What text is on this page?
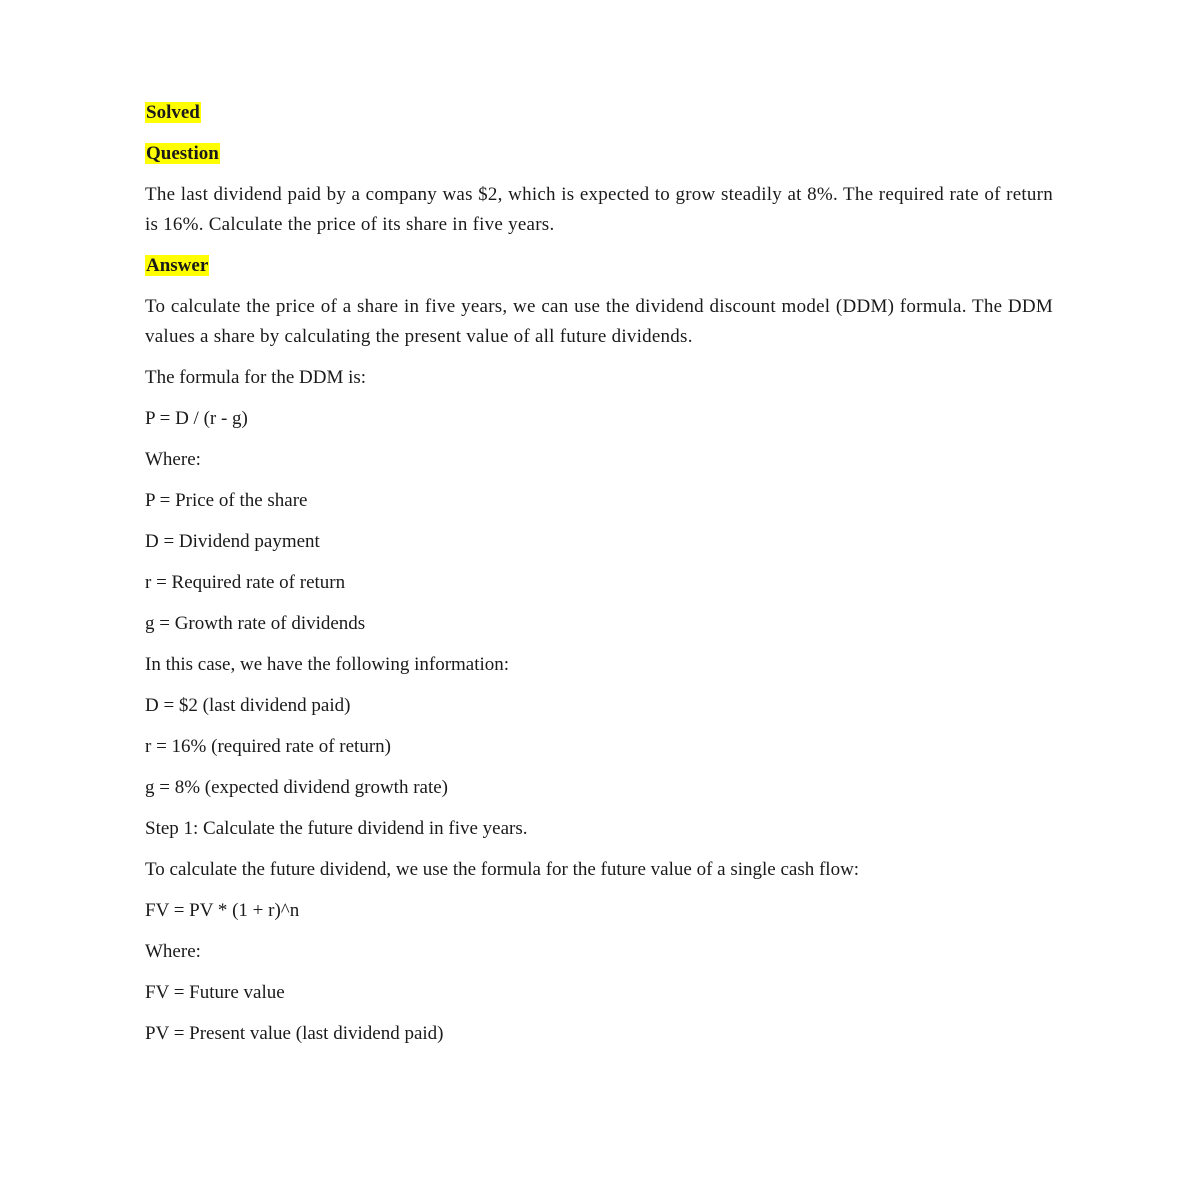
Solved
Question
The last dividend paid by a company was $2, which is expected to grow steadily at 8%. The required rate of return is 16%. Calculate the price of its share in five years.
Answer
To calculate the price of a share in five years, we can use the dividend discount model (DDM) formula. The DDM values a share by calculating the present value of all future dividends.
The formula for the DDM is:
P = D / (r - g)
Where:
P = Price of the share
D = Dividend payment
r = Required rate of return
g = Growth rate of dividends
In this case, we have the following information:
D = $2 (last dividend paid)
r = 16% (required rate of return)
g = 8% (expected dividend growth rate)
Step 1: Calculate the future dividend in five years.
To calculate the future dividend, we use the formula for the future value of a single cash flow:
FV = PV * (1 + r)^n
Where:
FV = Future value
PV = Present value (last dividend paid)
